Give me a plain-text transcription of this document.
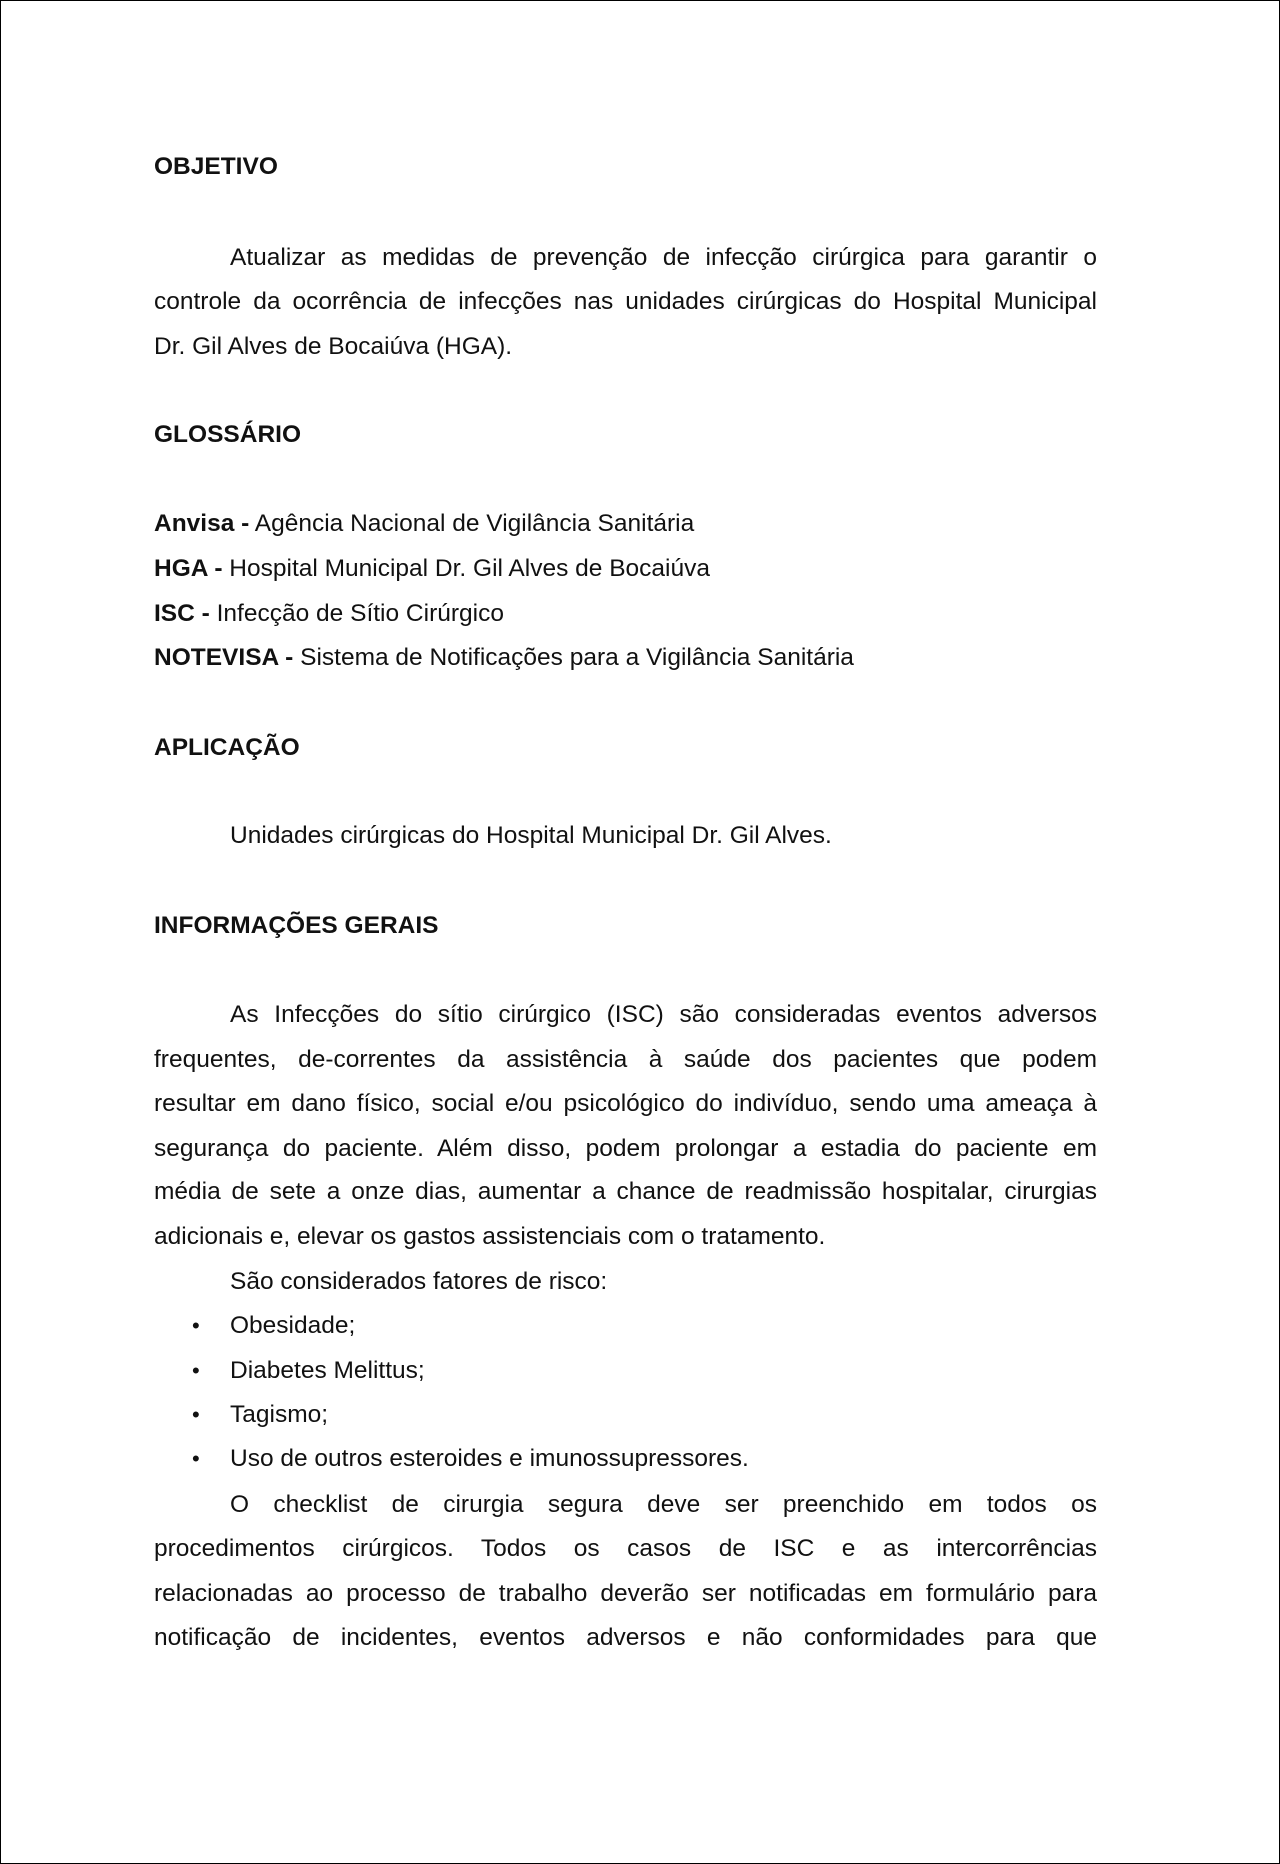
OBJETIVO
Atualizar as medidas de prevenção de infecção cirúrgica para garantir o
controle da ocorrência de infecções nas unidades cirúrgicas do Hospital Municipal
Dr. Gil Alves de Bocaiúva (HGA).
GLOSSÁRIO
Anvisa - Agência Nacional de Vigilância Sanitária
HGA - Hospital Municipal Dr. Gil Alves de Bocaiúva
ISC - Infecção de Sítio Cirúrgico
NOTEVISA - Sistema de Notificações para a Vigilância Sanitária
APLICAÇÃO
Unidades cirúrgicas do Hospital Municipal Dr. Gil Alves.
INFORMAÇÕES GERAIS
As Infecções do sítio cirúrgico (ISC) são consideradas eventos adversos
frequentes, de-correntes da assistência à saúde dos pacientes que podem
resultar em dano físico, social e/ou psicológico do indivíduo, sendo uma ameaça à
segurança do paciente. Além disso, podem prolongar a estadia do paciente em
média de sete a onze dias, aumentar a chance de readmissão hospitalar, cirurgias
adicionais e, elevar os gastos assistenciais com o tratamento.
São considerados fatores de risco:
• Obesidade;
• Diabetes Melittus;
• Tagismo;
• Uso de outros esteroides e imunossupressores.
O checklist de cirurgia segura deve ser preenchido em todos os
procedimentos cirúrgicos. Todos os casos de ISC e as intercorrências
relacionadas ao processo de trabalho deverão ser notificadas em formulário para
notificação de incidentes, eventos adversos e não conformidades para que
